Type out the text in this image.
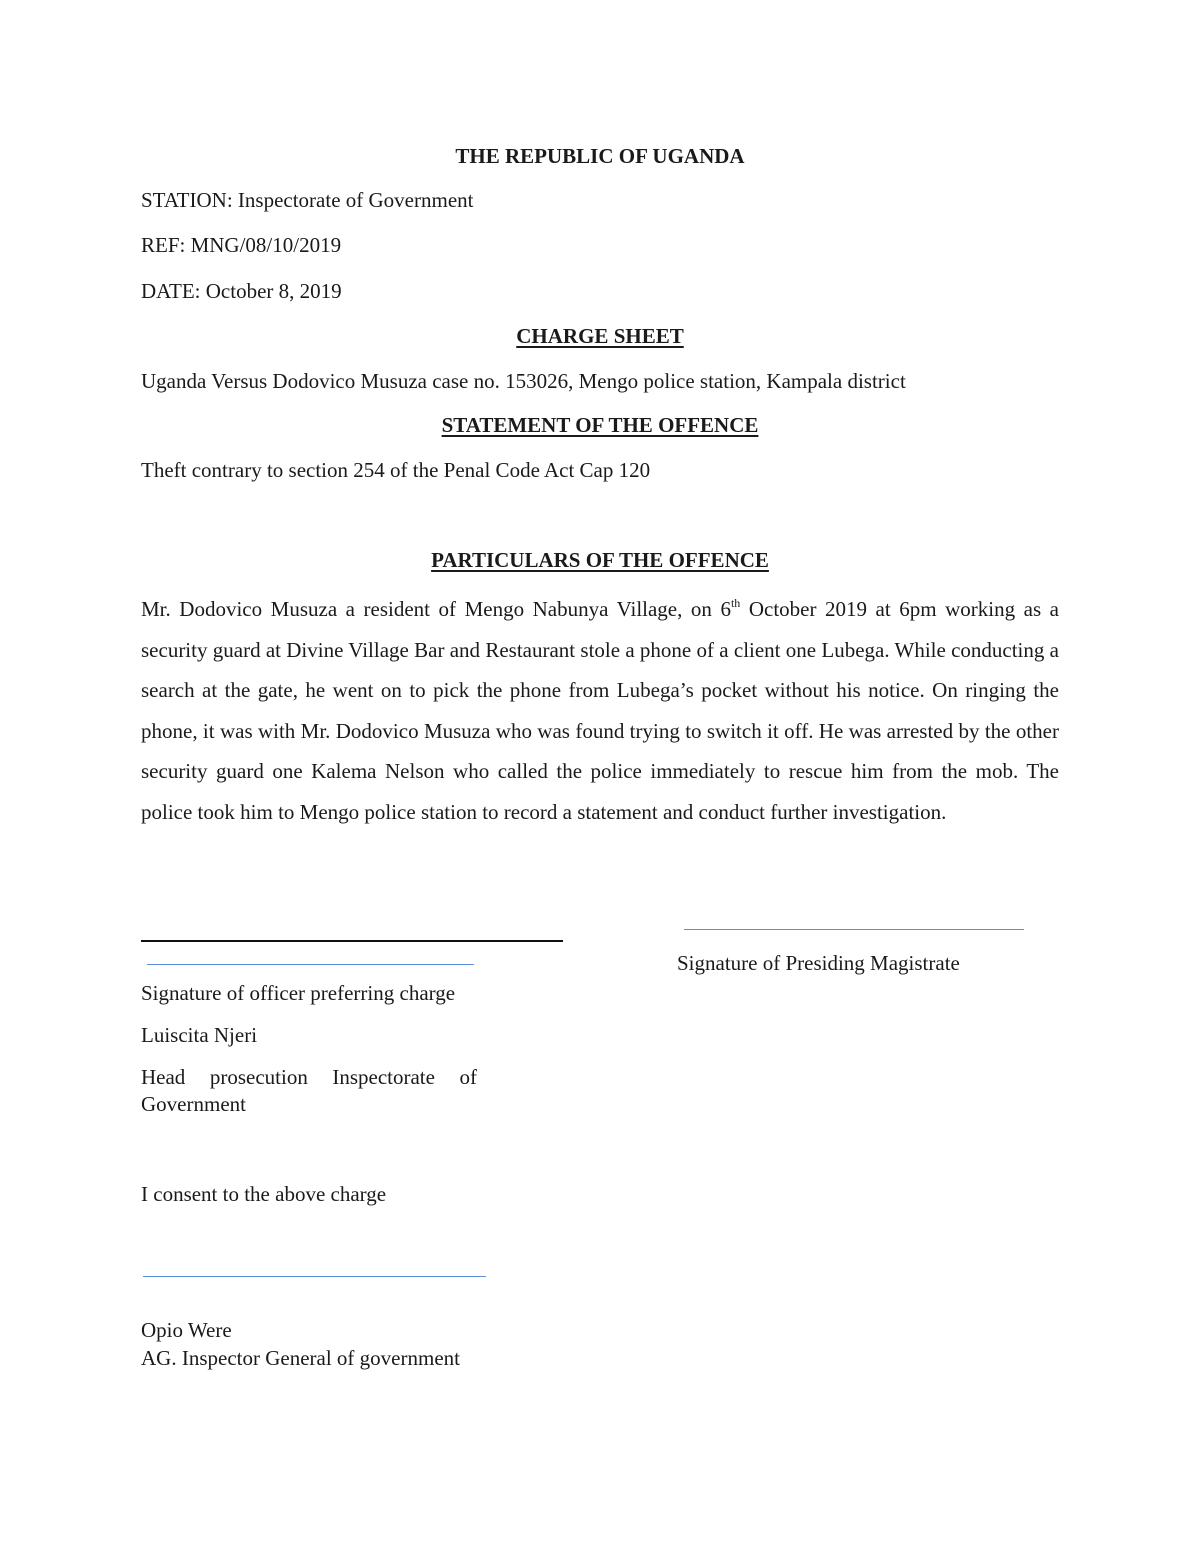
THE REPUBLIC OF UGANDA

STATION: Inspectorate of Government

REF: MNG/08/10/2019

DATE: October 8, 2019

CHARGE SHEET

Uganda Versus Dodovico Musuza case no. 153026, Mengo police station, Kampala district

STATEMENT OF THE OFFENCE

Theft contrary to section 254 of the Penal Code Act Cap 120

PARTICULARS OF THE OFFENCE

Mr. Dodovico Musuza a resident of Mengo Nabunya Village, on 6th October 2019 at 6pm working as a security guard at Divine Village Bar and Restaurant stole a phone of a client one Lubega. While conducting a search at the gate, he went on to pick the phone from Lubega’s pocket without his notice. On ringing the phone, it was with Mr. Dodovico Musuza who was found trying to switch it off. He was arrested by the other security guard one Kalema Nelson who called the police immediately to rescue him from the mob. The police took him to Mengo police station to record a statement and conduct further investigation.

Signature of Presiding Magistrate

Signature of officer preferring charge

Luiscita Njeri

Head prosecution Inspectorate of
Government

I consent to the above charge

Opio Were

AG. Inspector General of government
